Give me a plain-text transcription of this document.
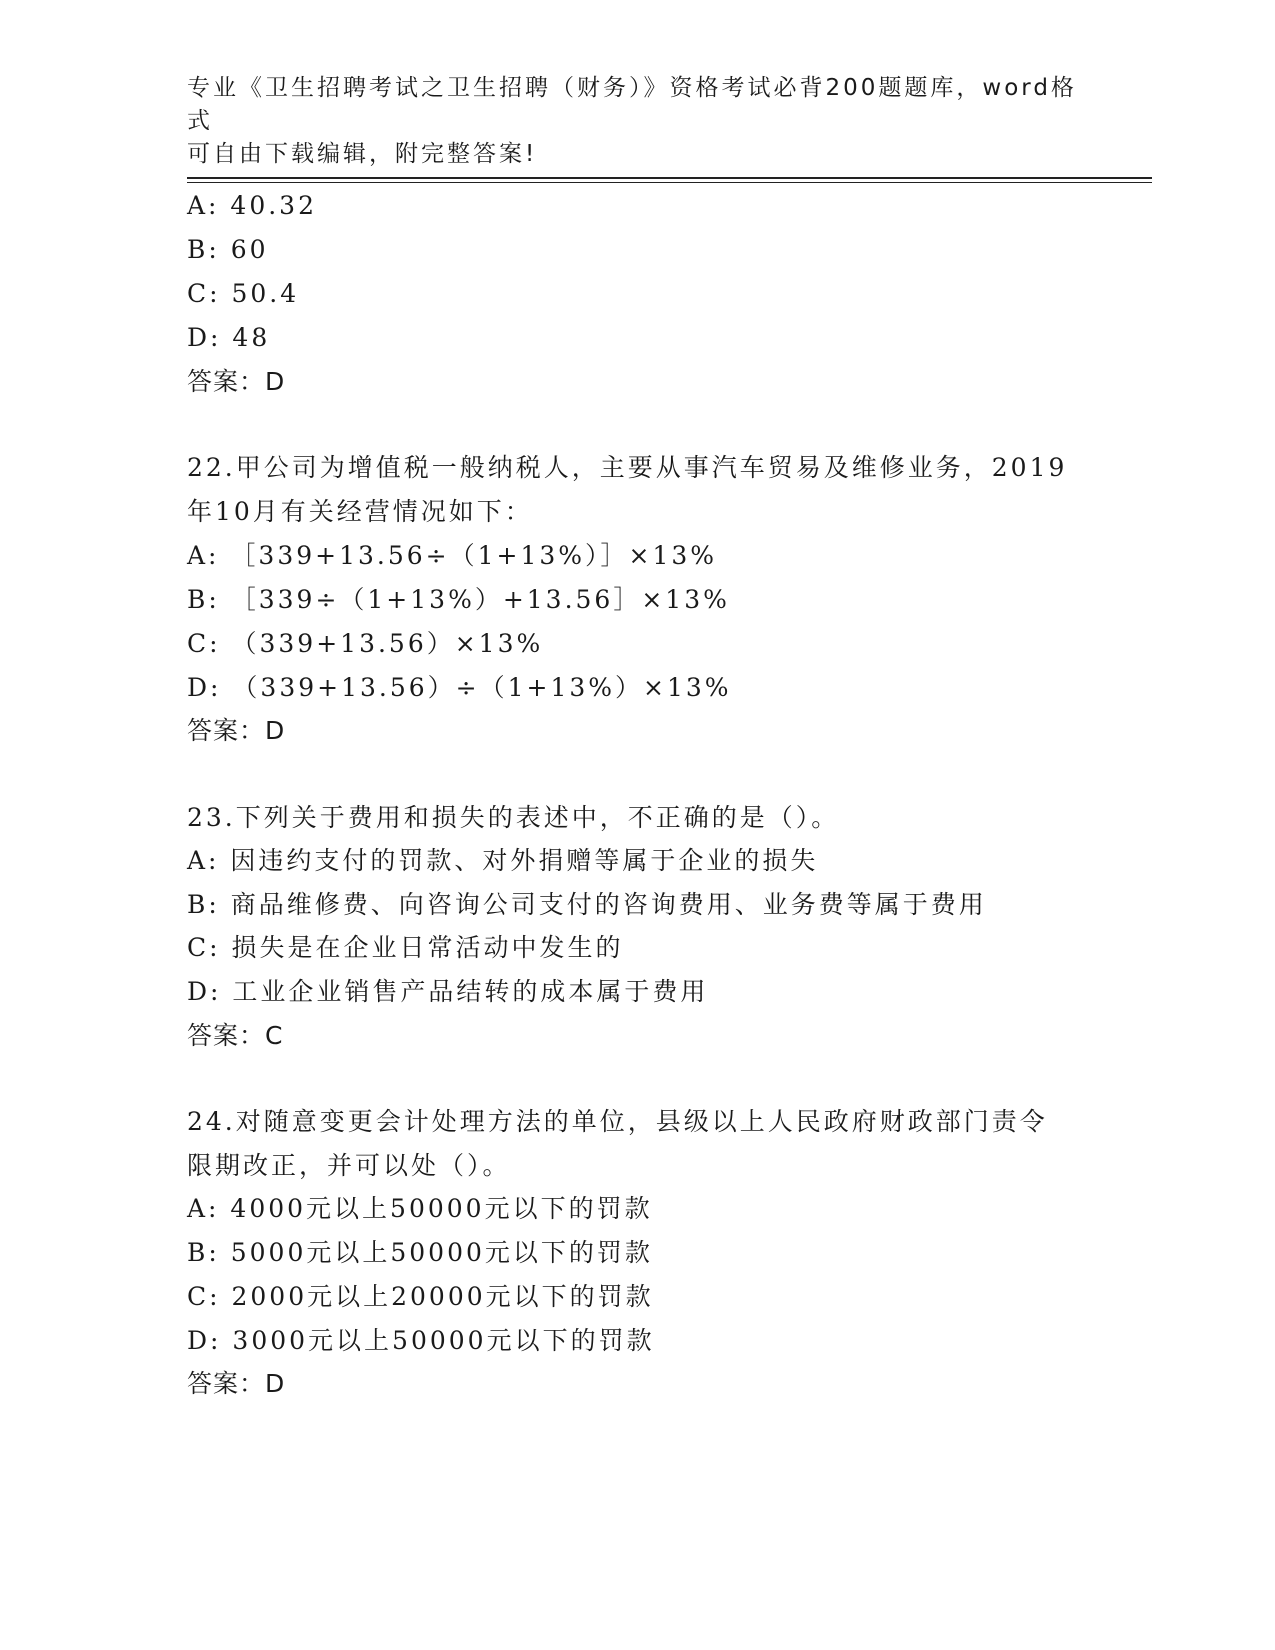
专业《卫生招聘考试之卫生招聘（财务）》资格考试必背200题题库，word格式
可自由下载编辑，附完整答案!
A: 40.32
B: 60
C: 50.4
D: 48
答案：D
22.甲公司为增值税一般纳税人，主要从事汽车贸易及维修业务，2019
年10月有关经营情况如下：
A: ［339+13.56÷（1+13%）］×13%
B: ［339÷（1+13%）+13.56］×13%
C: （339+13.56）×13%
D: （339+13.56）÷（1+13%）×13%
答案：D
23.下列关于费用和损失的表述中，不正确的是（）。
A: 因违约支付的罚款、对外捐赠等属于企业的损失
B: 商品维修费、向咨询公司支付的咨询费用、业务费等属于费用
C: 损失是在企业日常活动中发生的
D: 工业企业销售产品结转的成本属于费用
答案：C
24.对随意变更会计处理方法的单位，县级以上人民政府财政部门责令
限期改正，并可以处（）。
A: 4000元以上50000元以下的罚款
B: 5000元以上50000元以下的罚款
C: 2000元以上20000元以下的罚款
D: 3000元以上50000元以下的罚款
答案：D
